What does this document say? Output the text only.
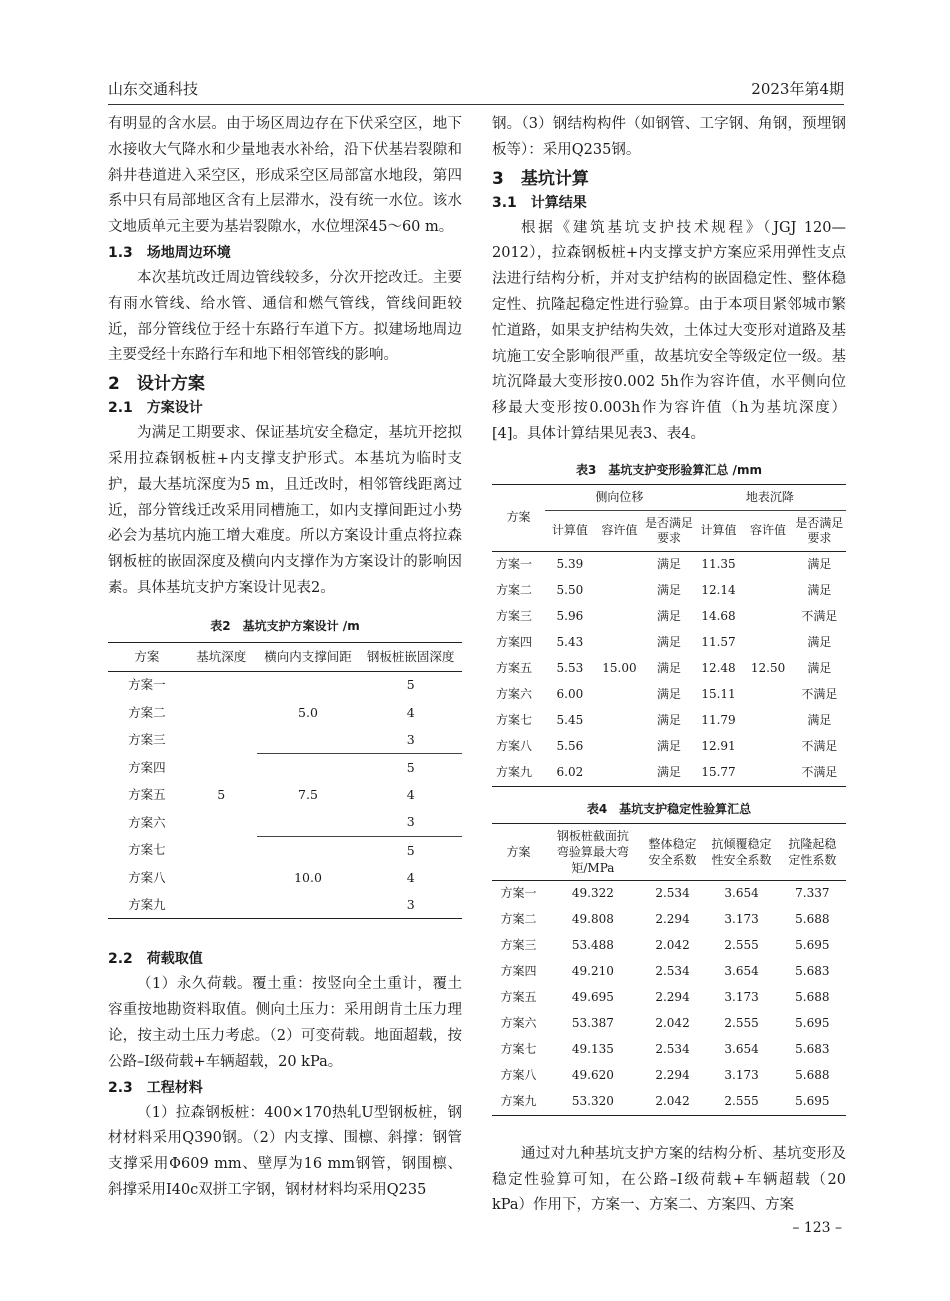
山东交通科技	2023年第4期

有明显的含水层。由于场区周边存在下伏采空区，地下水接收大气降水和少量地表水补给，沿下伏基岩裂隙和斜井巷道进入采空区，形成采空区局部富水地段，第四系中只有局部地区含有上层滞水，没有统一水位。该水文地质单元主要为基岩裂隙水，水位埋深45～60 m。

1.3　场地周边环境

本次基坑改迁周边管线较多，分次开挖改迁。主要有雨水管线、给水管、通信和燃气管线，管线间距较近，部分管线位于经十东路行车道下方。拟建场地周边主要受经十东路行车和地下相邻管线的影响。

2　设计方案
2.1　方案设计

为满足工期要求、保证基坑安全稳定，基坑开挖拟采用拉森钢板桩+内支撑支护形式。本基坑为临时支护，最大基坑深度为5 m，且迁改时，相邻管线距离过近，部分管线迁改采用同槽施工，如内支撑间距过小势必会为基坑内施工增大难度。所以方案设计重点将拉森钢板桩的嵌固深度及横向内支撑作为方案设计的影响因素。具体基坑支护方案设计见表2。

表2　基坑支护方案设计 /m
方案	基坑深度	横向内支撑间距	钢板桩嵌固深度
方案一	5	5.0	5
方案二			4
方案三			3
方案四		7.5	5
方案五			4
方案六			3
方案七		10.0	5
方案八			4
方案九			3
2.2　荷载取值

（1）永久荷载。覆土重：按竖向全土重计，覆土容重按地勘资料取值。侧向土压力：采用朗肯土压力理论，按主动土压力考虑。（2）可变荷载。地面超载，按公路–I级荷载+车辆超载，20 kPa。

2.3　工程材料

（1）拉森钢板桩：400×170热轧U型钢板桩，钢材材料采用Q390钢。（2）内支撑、围檩、斜撑：钢管支撑采用Φ609 mm、壁厚为16 mm钢管，钢围檩、斜撑采用I40c双拼工字钢，钢材材料均采用Q235

钢。（3）钢结构构件（如钢管、工字钢、角钢，预埋钢板等）：采用Q235钢。

3　基坑计算
3.1　计算结果

根据《建筑基坑支护技术规程》（JGJ 120—2012），拉森钢板桩+内支撑支护方案应采用弹性支点法进行结构分析，并对支护结构的嵌固稳定性、整体稳定性、抗隆起稳定性进行验算。由于本项目紧邻城市繁忙道路，如果支护结构失效，土体过大变形对道路及基坑施工安全影响很严重，故基坑安全等级定位一级。基坑沉降最大变形按0.002 5h作为容许值，水平侧向位移最大变形按0.003h作为容许值（h为基坑深度）[4]。具体计算结果见表3、表4。

表3　基坑支护变形验算汇总 /mm
方案	侧向位移			地表沉降		
	计算值	容许值	是否满足要求	计算值	容许值	是否满足要求
方案一	5.39	15.00	满足	11.35	12.50	满足
方案二	5.50		满足	12.14		满足
方案三	5.96		满足	14.68		不满足
方案四	5.43		满足	11.57		满足
方案五	5.53		满足	12.48		满足
方案六	6.00		满足	15.11		不满足
方案七	5.45		满足	11.79		满足
方案八	5.56		满足	12.91		不满足
方案九	6.02		满足	15.77		不满足
表4　基坑支护稳定性验算汇总
方案	钢板桩截面抗弯验算最大弯矩/MPa	整体稳定安全系数	抗倾覆稳定性安全系数	抗隆起稳定性系数
方案一	49.322	2.534	3.654	7.337
方案二	49.808	2.294	3.173	5.688
方案三	53.488	2.042	2.555	5.695
方案四	49.210	2.534	3.654	5.683
方案五	49.695	2.294	3.173	5.688
方案六	53.387	2.042	2.555	5.695
方案七	49.135	2.534	3.654	5.683
方案八	49.620	2.294	3.173	5.688
方案九	53.320	2.042	2.555	5.695

通过对九种基坑支护方案的结构分析、基坑变形及稳定性验算可知，在公路–I级荷载+车辆超载（20 kPa）作用下，方案一、方案二、方案四、方案

– 123 –
